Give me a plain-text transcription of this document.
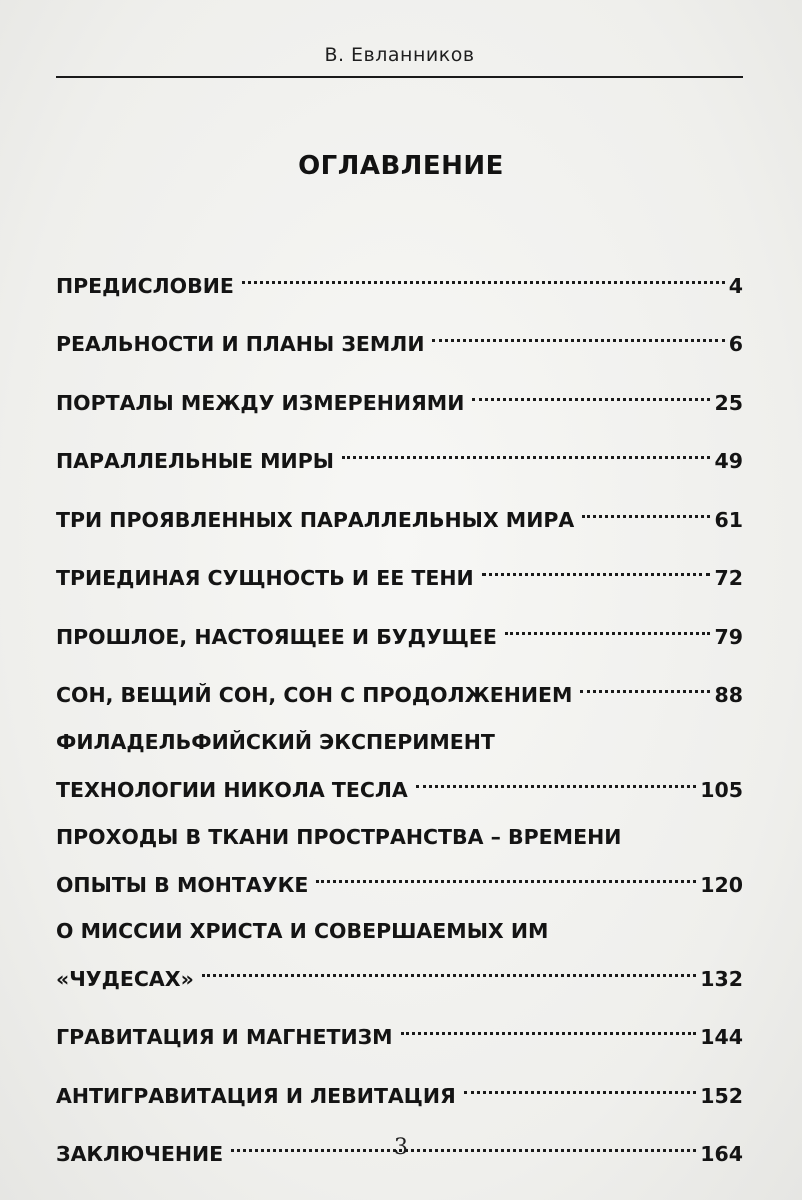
В. Евланников
ОГЛАВЛЕНИЕ
ПРЕДИСЛОВИЕ	4
РЕАЛЬНОСТИ И ПЛАНЫ ЗЕМЛИ	6
ПОРТАЛЫ МЕЖДУ ИЗМЕРЕНИЯМИ	25
ПАРАЛЛЕЛЬНЫЕ МИРЫ	49
ТРИ ПРОЯВЛЕННЫХ ПАРАЛЛЕЛЬНЫХ МИРА	61
ТРИЕДИНАЯ СУЩНОСТЬ И ЕЕ ТЕНИ	72
ПРОШЛОЕ, НАСТОЯЩЕЕ И БУДУЩЕЕ	79
СОН, ВЕЩИЙ СОН, СОН С ПРОДОЛЖЕНИЕМ	88
ФИЛАДЕЛЬФИЙСКИЙ ЭКСПЕРИМЕНТ
ТЕХНОЛОГИИ НИКОЛА ТЕСЛА	105
ПРОХОДЫ В ТКАНИ ПРОСТРАНСТВА – ВРЕМЕНИ
ОПЫТЫ В МОНТАУКЕ	120
О МИССИИ ХРИСТА И СОВЕРШАЕМЫХ ИМ
«ЧУДЕСАХ»	132
ГРАВИТАЦИЯ И МАГНЕТИЗМ	144
АНТИГРАВИТАЦИЯ И ЛЕВИТАЦИЯ	152
ЗАКЛЮЧЕНИЕ	164
3
